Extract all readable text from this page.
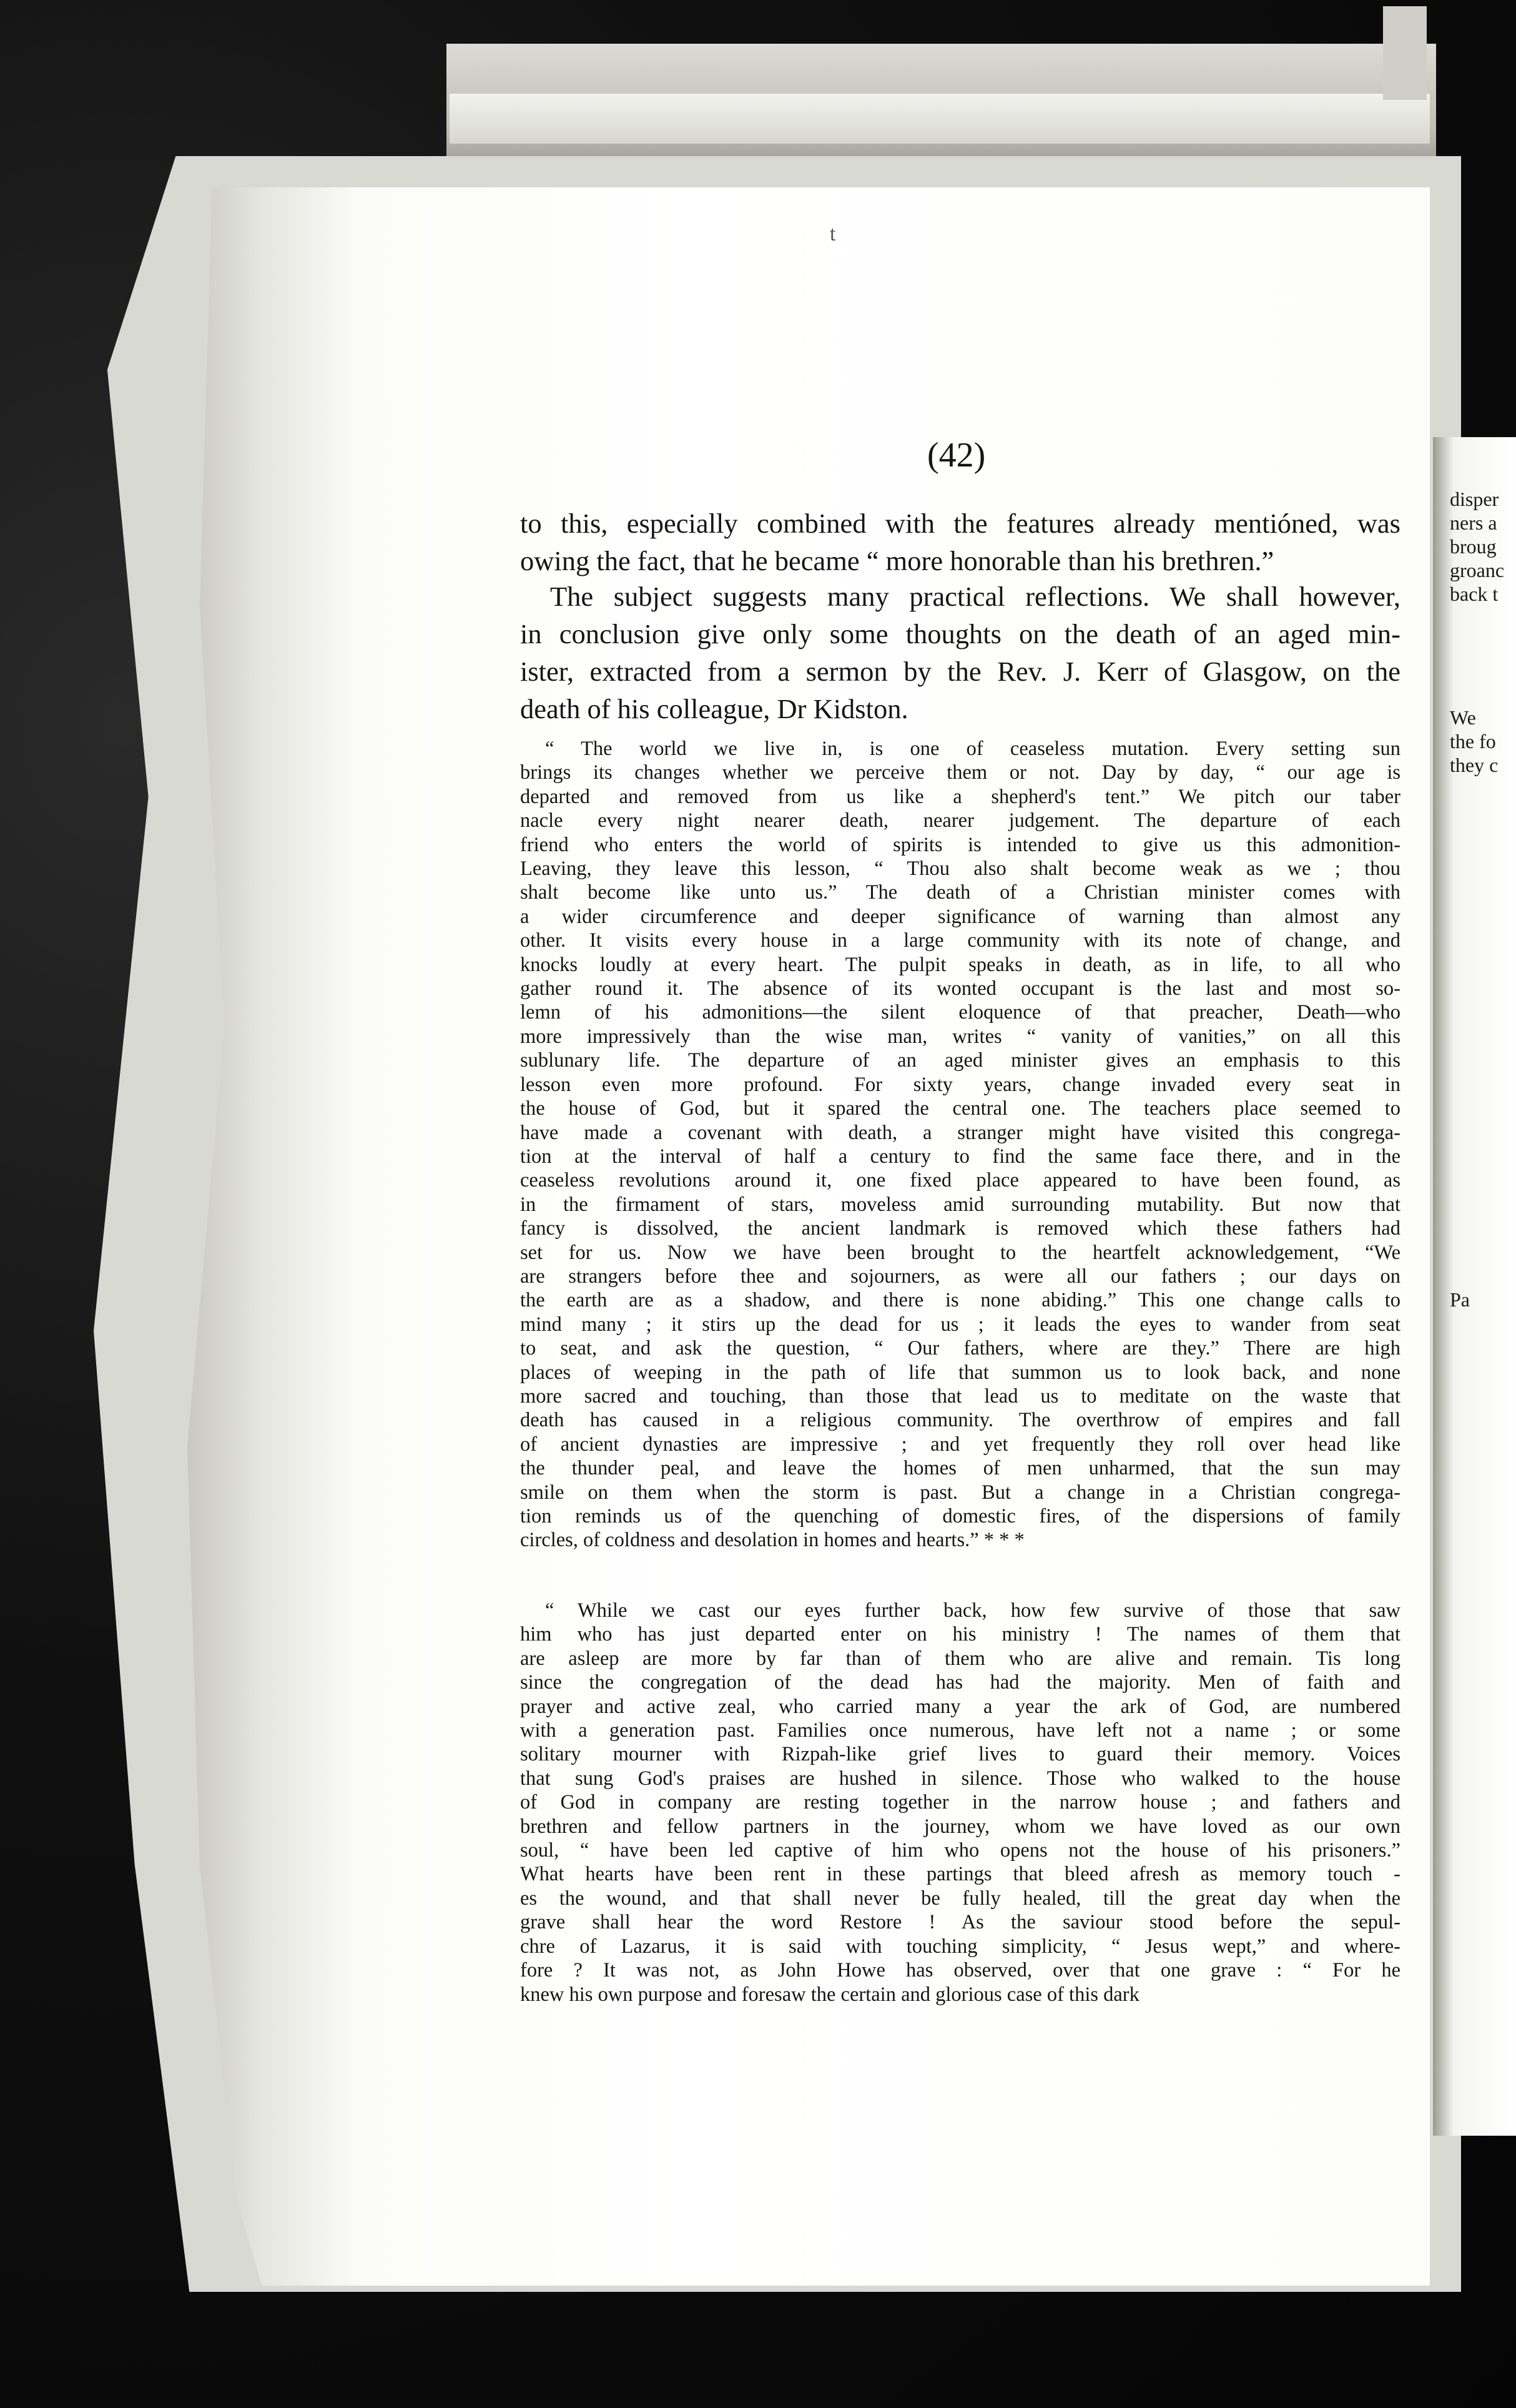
t
(42)

to this, especially combined with the features already mentióned, was
owing the fact, that he became “ more honorable than his brethren.”

The subject suggests many practical reflections. We shall however,
in conclusion give only some thoughts on the death of an aged min-
ister, extracted from a sermon by the Rev. J. Kerr of Glasgow, on the
death of his colleague, Dr Kidston.

“ The world we live in, is one of ceaseless mutation. Every setting sun
brings its changes whether we perceive them or not. Day by day, “ our age is
departed and removed from us like a shepherd's tent.” We pitch our taber
nacle every night nearer death, nearer judgement. The departure of each
friend who enters the world of spirits is intended to give us this admonition-
Leaving, they leave this lesson, “ Thou also shalt become weak as we ; thou
shalt become like unto us.” The death of a Christian minister comes with
a wider circumference and deeper significance of warning than almost any
other. It visits every house in a large community with its note of change, and
knocks loudly at every heart. The pulpit speaks in death, as in life, to all who
gather round it. The absence of its wonted occupant is the last and most so-
lemn of his admonitions—the silent eloquence of that preacher, Death—who
more impressively than the wise man, writes “ vanity of vanities,” on all this
sublunary life. The departure of an aged minister gives an emphasis to this
lesson even more profound. For sixty years, change invaded every seat in
the house of God, but it spared the central one. The teachers place seemed to
have made a covenant with death, a stranger might have visited this congrega-
tion at the interval of half a century to find the same face there, and in the
ceaseless revolutions around it, one fixed place appeared to have been found, as
in the firmament of stars, moveless amid surrounding mutability. But now that
fancy is dissolved, the ancient landmark is removed which these fathers had
set for us. Now we have been brought to the heartfelt acknowledgement, “We
are strangers before thee and sojourners, as were all our fathers ; our days on
the earth are as a shadow, and there is none abiding.” This one change calls to
mind many ; it stirs up the dead for us ; it leads the eyes to wander from seat
to seat, and ask the question, “ Our fathers, where are they.” There are high
places of weeping in the path of life that summon us to look back, and none
more sacred and touching, than those that lead us to meditate on the waste that
death has caused in a religious community. The overthrow of empires and fall
of ancient dynasties are impressive ; and yet frequently they roll over head like
the thunder peal, and leave the homes of men unharmed, that the sun may
smile on them when the storm is past. But a change in a Christian congrega-
tion reminds us of the quenching of domestic fires, of the dispersions of family
circles, of coldness and desolation in homes and hearts.” * * *
“ While we cast our eyes further back, how few survive of those that saw
him who has just departed enter on his ministry ! The names of them that
are asleep are more by far than of them who are alive and remain. Tis long
since the congregation of the dead has had the majority. Men of faith and
prayer and active zeal, who carried many a year the ark of God, are numbered
with a generation past. Families once numerous, have left not a name ; or some
solitary mourner with Rizpah-like grief lives to guard their memory. Voices
that sung God's praises are hushed in silence. Those who walked to the house
of God in company are resting together in the narrow house ; and fathers and
brethren and fellow partners in the journey, whom we have loved as our own
soul, “ have been led captive of him who opens not the house of his prisoners.”
What hearts have been rent in these partings that bleed afresh as memory touch -
es the wound, and that shall never be fully healed, till the great day when the
grave shall hear the word Restore ! As the saviour stood before the sepul-
chre of Lazarus, it is said with touching simplicity, “ Jesus wept,” and where-
fore ? It was not, as John Howe has observed, over that one grave : “ For he
knew his own purpose and foresaw the certain and glorious case of this dark
disper
ners a
broug
groanc
back t
We
the fo
they c
Pa
